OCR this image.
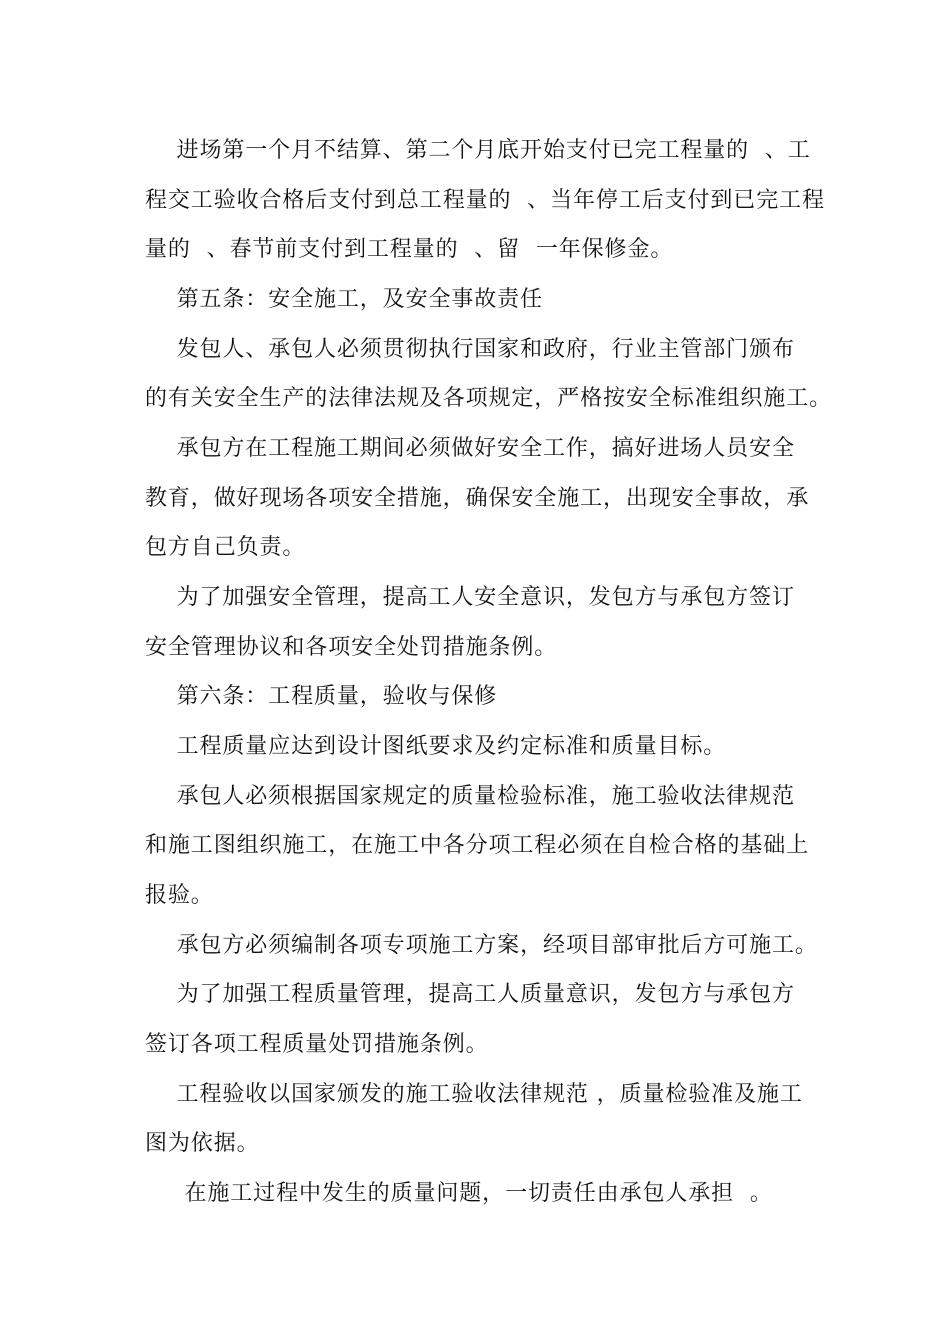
进场第一个月不结算、第二个月底开始支付已完工程量的  、工
程交工验收合格后支付到总工程量的  、当年停工后支付到已完工程
量的  、春节前支付到工程量的  、留  一年保修金。
第五条：安全施工，及安全事故责任
发包人、承包人必须贯彻执行国家和政府，行业主管部门颁布
的有关安全生产的法律法规及各项规定，严格按安全标准组织施工。
承包方在工程施工期间必须做好安全工作，搞好进场人员安全
教育，做好现场各项安全措施，确保安全施工，出现安全事故，承
包方自己负责。
为了加强安全管理，提高工人安全意识，发包方与承包方签订
安全管理协议和各项安全处罚措施条例。
第六条：工程质量，验收与保修
工程质量应达到设计图纸要求及约定标准和质量目标。
承包人必须根据国家规定的质量检验标准，施工验收法律规范
和施工图组织施工，在施工中各分项工程必须在自检合格的基础上
报验。
承包方必须编制各项专项施工方案，经项目部审批后方可施工。
为了加强工程质量管理，提高工人质量意识，发包方与承包方
签订各项工程质量处罚措施条例。
工程验收以国家颁发的施工验收法律规范 ，质量检验准及施工
图为依据。
在施工过程中发生的质量问题，一切责任由承包人承担  。
